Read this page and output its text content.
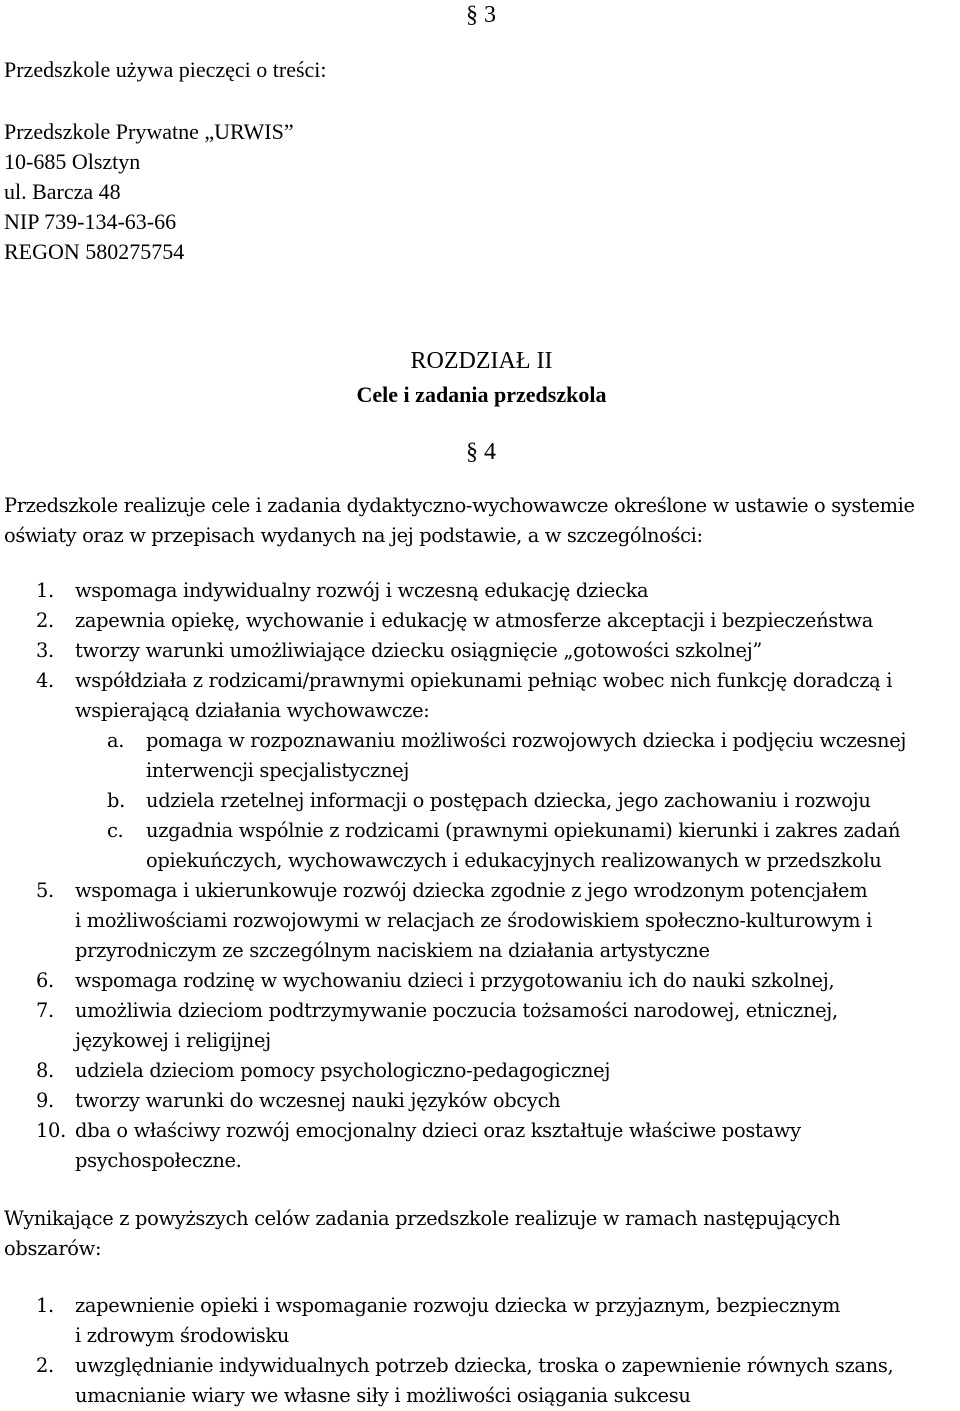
§ 3
Przedszkole używa pieczęci o treści:
Przedszkole Prywatne „URWIS”
10-685 Olsztyn
ul. Barcza 48
NIP 739-134-63-66
REGON 580275754
ROZDZIAŁ II
Cele i zadania przedszkola
§ 4
Przedszkole realizuje cele i zadania dydaktyczno-wychowawcze określone w ustawie o systemie
oświaty oraz w przepisach wydanych na jej podstawie, a w szczególności:
1. wspomaga indywidualny rozwój i wczesną edukację dziecka
2. zapewnia opiekę, wychowanie i edukację w atmosferze akceptacji i bezpieczeństwa
3. tworzy warunki umożliwiające dziecku osiągnięcie „gotowości szkolnej”
4. współdziała z rodzicami/prawnymi opiekunami pełniąc wobec nich funkcję doradczą i
wspierającą działania wychowawcze:
a. pomaga w rozpoznawaniu możliwości rozwojowych dziecka i podjęciu wczesnej
interwencji specjalistycznej
b. udziela rzetelnej informacji o postępach dziecka, jego zachowaniu i rozwoju
c. uzgadnia wspólnie z rodzicami (prawnymi opiekunami) kierunki i zakres zadań
opiekuńczych, wychowawczych i edukacyjnych realizowanych w przedszkolu
5. wspomaga i ukierunkowuje rozwój dziecka zgodnie z jego wrodzonym potencjałem
i możliwościami rozwojowymi w relacjach ze środowiskiem społeczno-kulturowym i
przyrodniczym ze szczególnym naciskiem na działania artystyczne
6. wspomaga rodzinę w wychowaniu dzieci i przygotowaniu ich do nauki szkolnej,
7. umożliwia dzieciom podtrzymywanie poczucia tożsamości narodowej, etnicznej,
językowej i religijnej
8. udziela dzieciom pomocy psychologiczno-pedagogicznej
9. tworzy warunki do wczesnej nauki języków obcych
10. dba o właściwy rozwój emocjonalny dzieci oraz kształtuje właściwe postawy
psychospołeczne.
Wynikające z powyższych celów zadania przedszkole realizuje w ramach następujących
obszarów:
1. zapewnienie opieki i wspomaganie rozwoju dziecka w przyjaznym, bezpiecznym
i zdrowym środowisku
2. uwzględnianie indywidualnych potrzeb dziecka, troska o zapewnienie równych szans,
umacnianie wiary we własne siły i możliwości osiągania sukcesu
